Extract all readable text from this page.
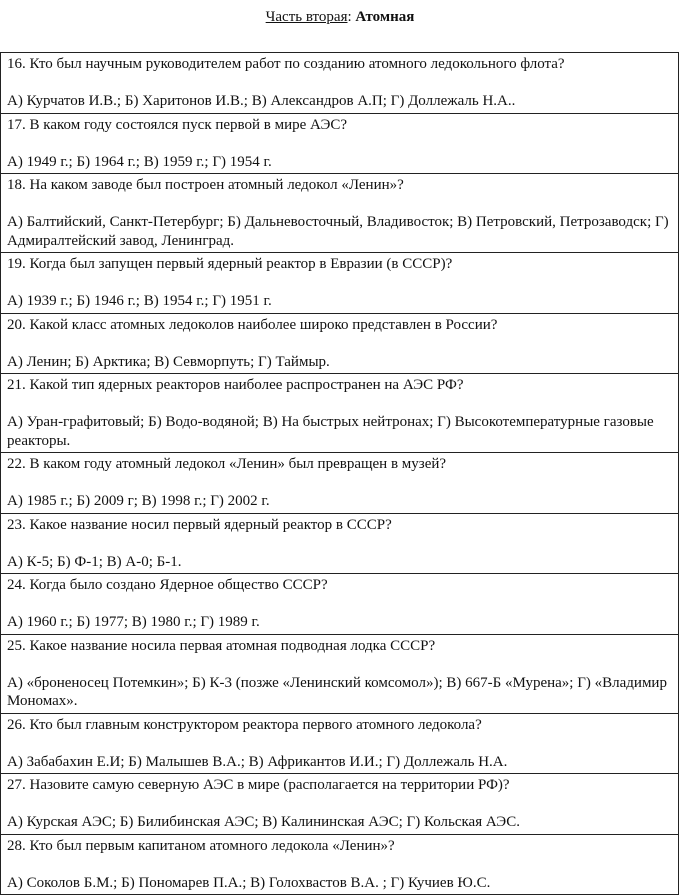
Часть вторая: Атомная
16. Кто был научным руководителем работ по созданию атомного ледокольного флота?
А) Курчатов И.В.; Б) Харитонов И.В.; В) Александров А.П; Г) Доллежаль Н.А..
17. В каком году состоялся пуск первой в мире АЭС?
А) 1949 г.; Б) 1964 г.; В) 1959 г.; Г) 1954 г.
18. На каком заводе был построен атомный ледокол «Ленин»?
А) Балтийский, Санкт-Петербург; Б) Дальневосточный, Владивосток; В) Петровский, Петрозаводск; Г) Адмиралтейский завод, Ленинград.
19. Когда был запущен первый ядерный реактор в Евразии (в СССР)?
А) 1939 г.; Б) 1946 г.; В) 1954 г.; Г) 1951 г.
20. Какой класс атомных ледоколов наиболее широко представлен в России?
А) Ленин; Б) Арктика; В) Севморпуть; Г) Таймыр.
21. Какой тип ядерных реакторов наиболее распространен на АЭС РФ?
А) Уран-графитовый; Б) Водо-водяной; В) На быстрых нейтронах; Г) Высокотемпературные газовые реакторы.
22. В каком году атомный ледокол «Ленин» был превращен в музей?
А) 1985 г.; Б) 2009 г; В) 1998 г.; Г) 2002 г.
23. Какое название носил первый ядерный реактор в СССР?
А) К-5; Б) Ф-1; В) А-0; Б-1.
24. Когда было создано Ядерное общество СССР?
А) 1960 г.; Б) 1977; В) 1980 г.; Г) 1989 г.
25. Какое название носила первая атомная подводная лодка СССР?
А) «броненосец Потемкин»; Б) К-3 (позже «Ленинский комсомол»); В) 667-Б «Мурена»; Г) «Владимир Мономах».
26. Кто был главным конструктором реактора первого атомного ледокола?
А) Забабахин Е.И; Б) Малышев В.А.; В) Африкантов И.И.; Г) Доллежаль Н.А.
27. Назовите самую северную АЭС в мире (располагается на территории РФ)?
А) Курская АЭС; Б) Билибинская АЭС; В) Калининская АЭС; Г) Кольская АЭС.
28. Кто был первым капитаном атомного ледокола «Ленин»?
А) Соколов Б.М.; Б) Пономарев П.А.; В) Голохвастов В.А. ; Г) Кучиев Ю.С.
